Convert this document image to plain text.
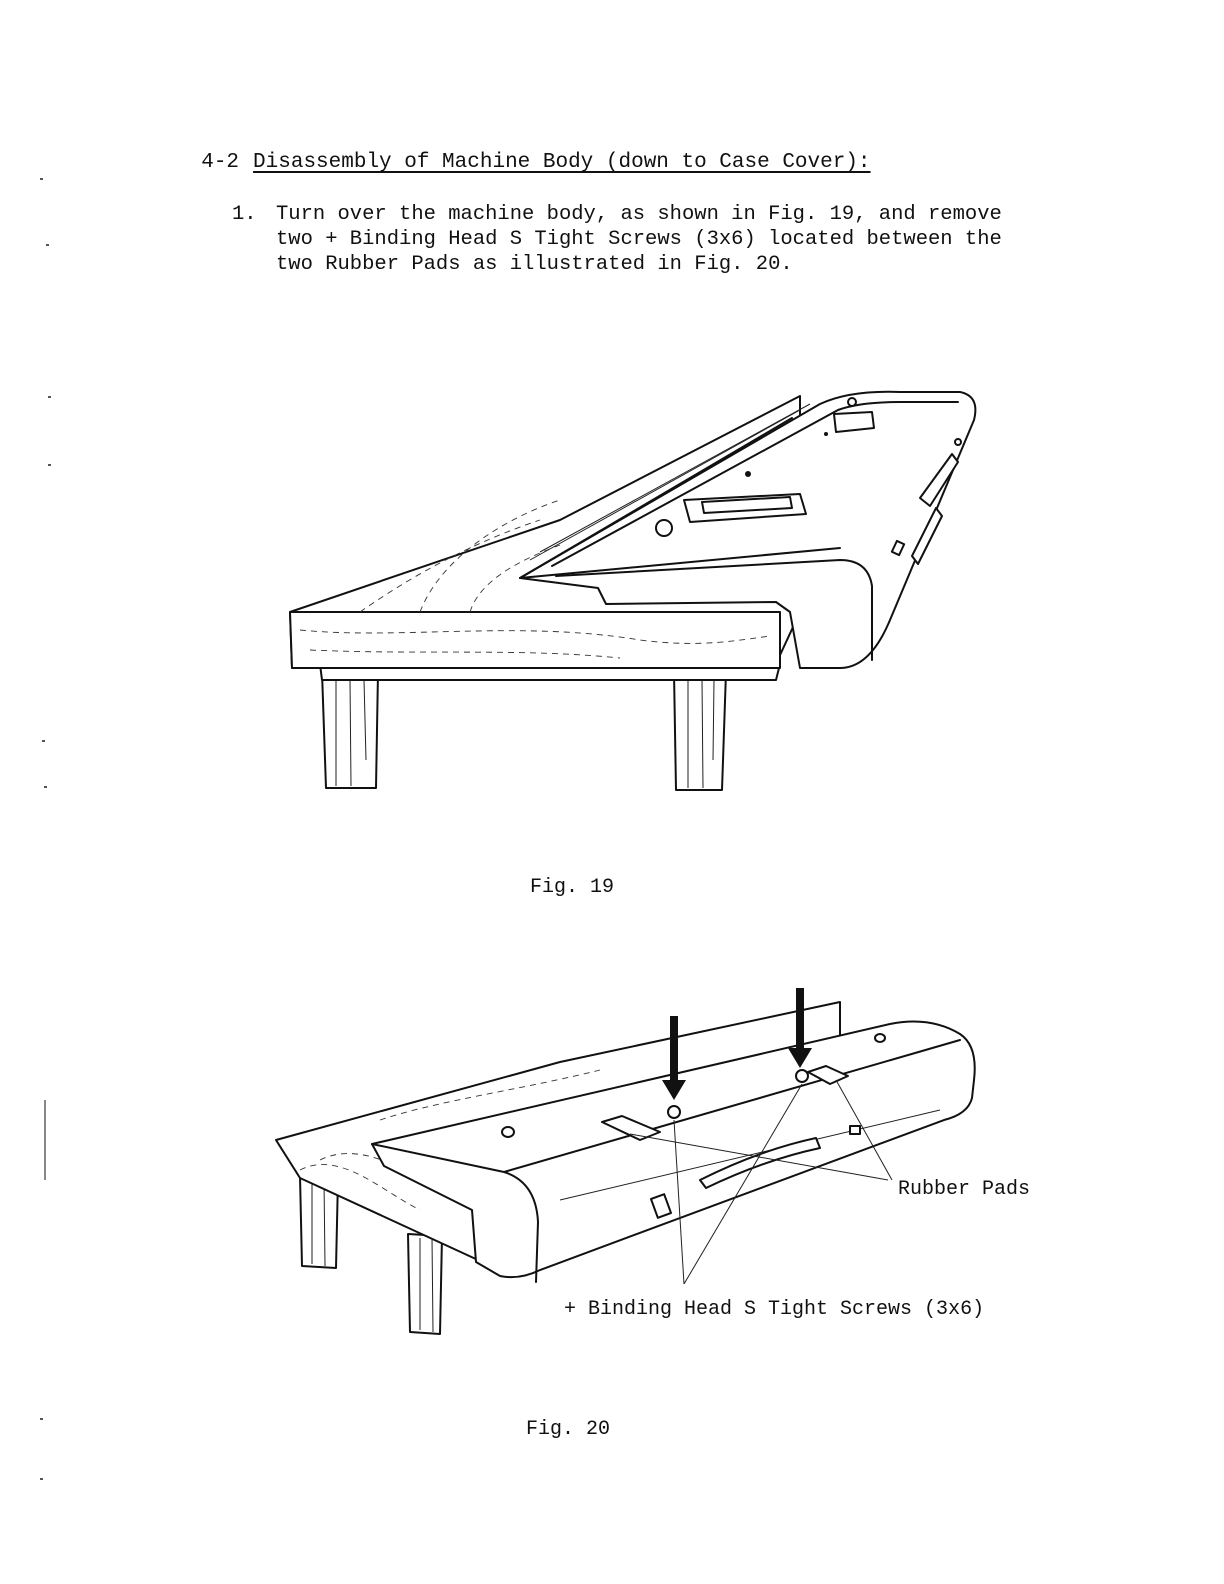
4-2 Disassembly of Machine Body (down to Case Cover):

1. Turn over the machine body, as shown in Fig. 19, and remove
two + Binding Head S Tight Screws (3x6) located between the
two Rubber Pads as illustrated in Fig. 20.
Fig. 19
Rubber Pads
+ Binding Head S Tight Screws (3x6)
Fig. 20
